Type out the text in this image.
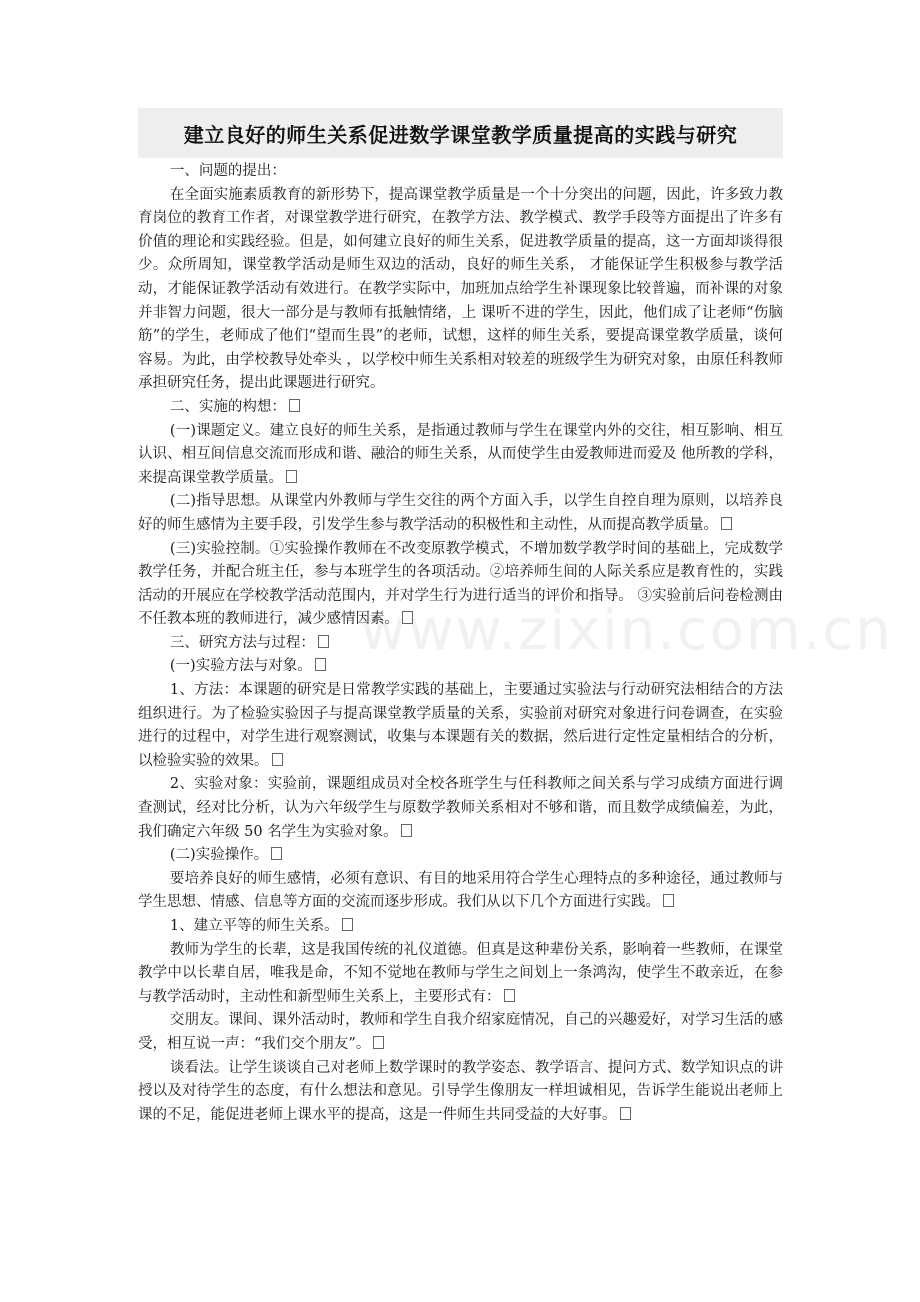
www.zixin.com.cn
建立良好的师生关系促进数学课堂教学质量提高的实践与研究

一、问题的提出：

在全面实施素质教育的新形势下，提高课堂教学质量是一个十分突出的问题，因此，许多致力教育岗位的教育工作者，对课堂教学进行研究，在教学方法、教学模式、教学手段等方面提出了许多有价值的理论和实践经验。但是，如何建立良好的师生关系，促进教学质量的提高，这一方面却谈得很少。众所周知，课堂教学活动是师生双边的活动，良好的师生关系， 才能保证学生积极参与教学活动，才能保证教学活动有效进行。在教学实际中，加班加点给学生补课现象比较普遍，而补课的对象并非智力问题，很大一部分是与教师有抵触情绪，上 课听不进的学生，因此，他们成了让老师“伤脑筋”的学生，老师成了他们“望而生畏”的老师，试想，这样的师生关系，要提高课堂教学质量，谈何容易。为此，由学校教导处牵头 ，以学校中师生关系相对较差的班级学生为研究对象，由原任科教师承担研究任务，提出此课题进行研究。

二、实施的构想：

(一)课题定义。建立良好的师生关系，是指通过教师与学生在课堂内外的交往，相互影响、相互认识、相互间信息交流而形成和谐、融洽的师生关系，从而使学生由爱教师进而爱及 他所教的学科，来提高课堂教学质量。

(二)指导思想。从课堂内外教师与学生交往的两个方面入手，以学生自控自理为原则，以培养良好的师生感情为主要手段，引发学生参与教学活动的积极性和主动性，从而提高教学质量。

(三)实验控制。①实验操作教师在不改变原教学模式，不增加数学教学时间的基础上，完成数学教学任务，并配合班主任，参与本班学生的各项活动。②培养师生间的人际关系应是教育性的，实践活动的开展应在学校教学活动范围内，并对学生行为进行适当的评价和指导。 ③实验前后问卷检测由不任教本班的教师进行，减少感情因素。

三、研究方法与过程：

(一)实验方法与对象。

1、方法：本课题的研究是日常教学实践的基础上，主要通过实验法与行动研究法相结合的方法组织进行。为了检验实验因子与提高课堂教学质量的关系，实验前对研究对象进行问卷调查，在实验进行的过程中，对学生进行观察测试，收集与本课题有关的数据，然后进行定性定量相结合的分析，以检验实验的效果。

2、实验对象：实验前，课题组成员对全校各班学生与任科教师之间关系与学习成绩方面进行调查测试，经对比分析，认为六年级学生与原数学教师关系相对不够和谐，而且数学成绩偏差，为此，我们确定六年级 50 名学生为实验对象。

(二)实验操作。

要培养良好的师生感情，必须有意识、有目的地采用符合学生心理特点的多种途径，通过教师与学生思想、情感、信息等方面的交流而逐步形成。我们从以下几个方面进行实践。

1、建立平等的师生关系。

教师为学生的长辈，这是我国传统的礼仪道德。但真是这种辈份关系，影响着一些教师，在课堂教学中以长辈自居，唯我是命，不知不觉地在教师与学生之间划上一条鸿沟，使学生不敢亲近，在参与教学活动时，主动性和新型师生关系上，主要形式有：

交朋友。课间、课外活动时，教师和学生自我介绍家庭情况，自己的兴趣爱好，对学习生活的感受，相互说一声：“我们交个朋友”。

谈看法。让学生谈谈自己对老师上数学课时的教学姿态、教学语言、提问方式、数学知识点的讲授以及对待学生的态度，有什么想法和意见。引导学生像朋友一样坦诚相见，告诉学生能说出老师上课的不足，能促进老师上课水平的提高，这是一件师生共同受益的大好事。
